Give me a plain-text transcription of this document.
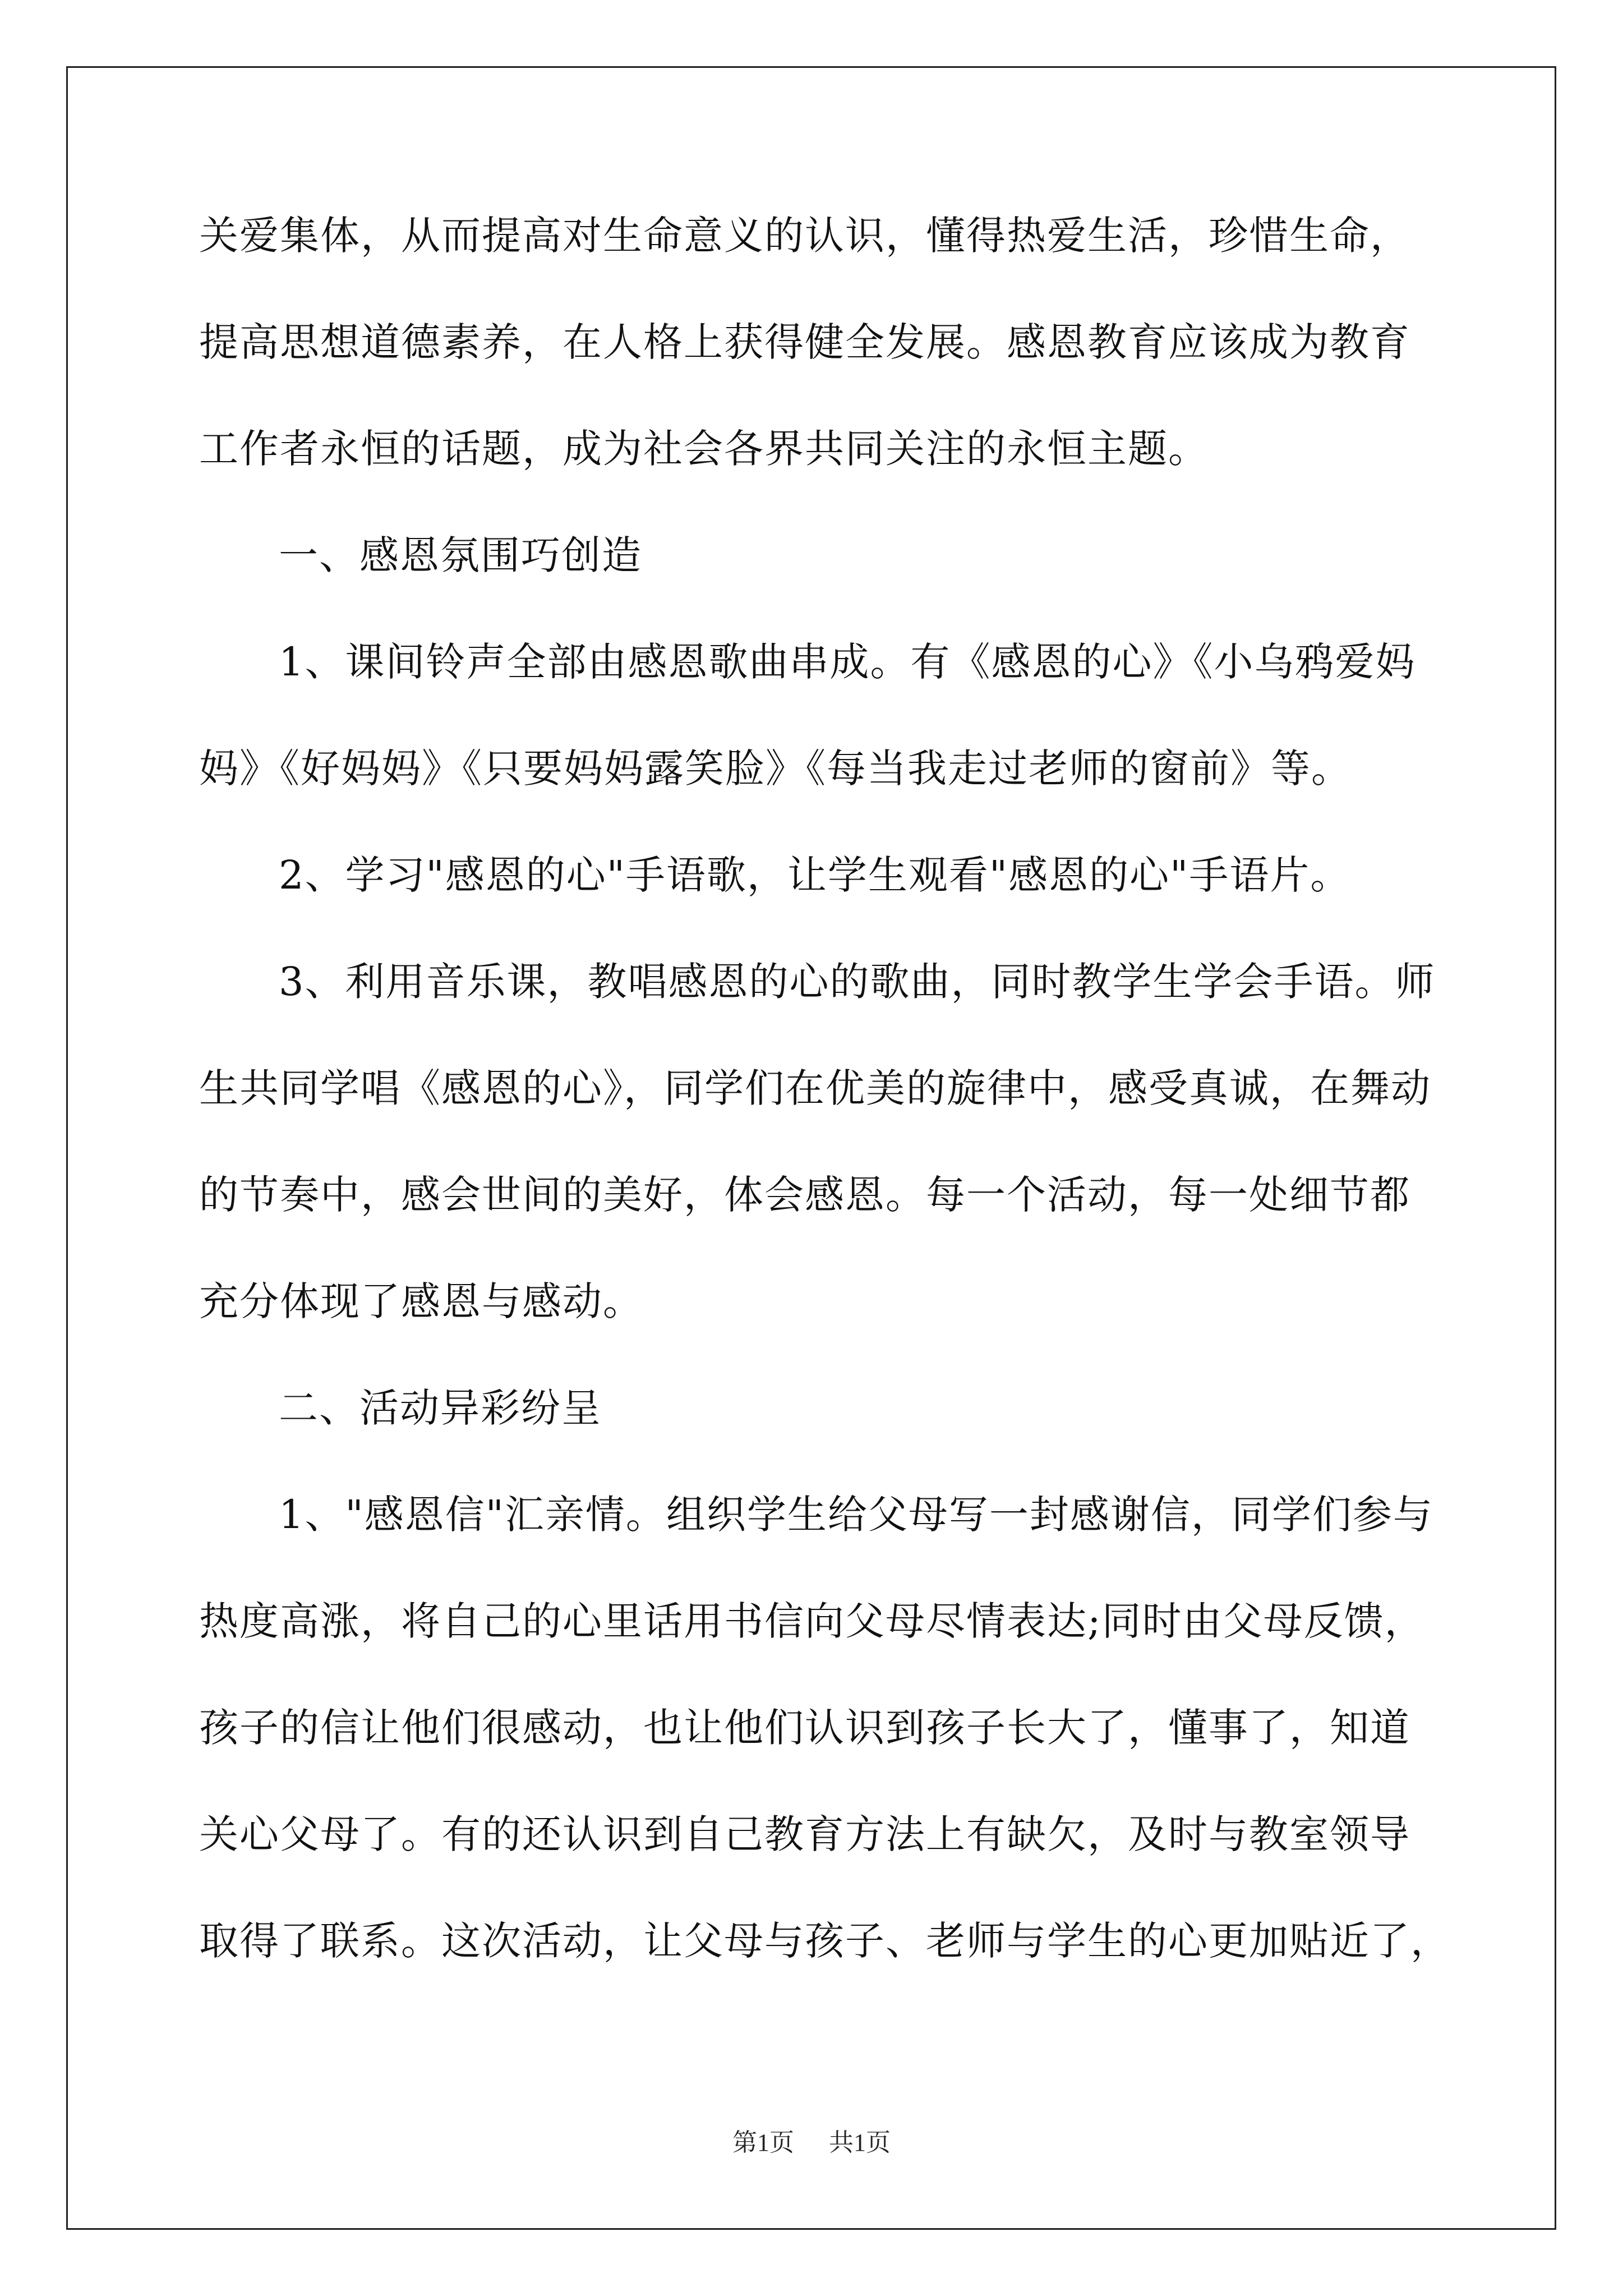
关爱集体，从而提高对生命意义的认识，懂得热爱生活，珍惜生命，
提高思想道德素养，在人格上获得健全发展。感恩教育应该成为教育
工作者永恒的话题，成为社会各界共同关注的永恒主题。
一、感恩氛围巧创造
1、课间铃声全部由感恩歌曲串成。有《感恩的心》《小乌鸦爱妈
妈》《好妈妈》《只要妈妈露笑脸》《每当我走过老师的窗前》等。
2、学习"感恩的心"手语歌，让学生观看"感恩的心"手语片。
3、利用音乐课，教唱感恩的心的歌曲，同时教学生学会手语。师
生共同学唱《感恩的心》，同学们在优美的旋律中，感受真诚，在舞动
的节奏中，感会世间的美好，体会感恩。每一个活动，每一处细节都
充分体现了感恩与感动。
二、活动异彩纷呈
1、"感恩信"汇亲情。组织学生给父母写一封感谢信，同学们参与
热度高涨，将自己的心里话用书信向父母尽情表达;同时由父母反馈，
孩子的信让他们很感动，也让他们认识到孩子长大了，懂事了，知道
关心父母了。有的还认识到自己教育方法上有缺欠，及时与教室领导
取得了联系。这次活动，让父母与孩子、老师与学生的心更加贴近了，
第1页 共1页
